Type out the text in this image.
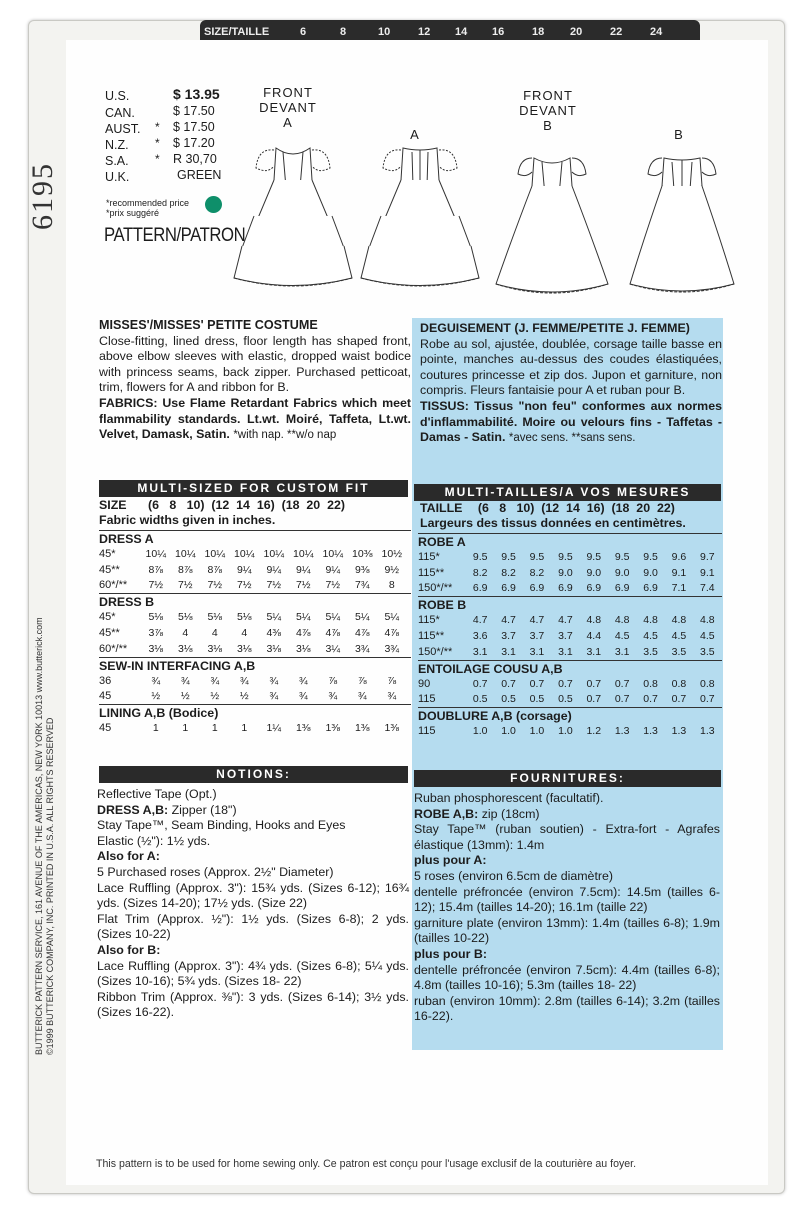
SIZE/TAILLE	6	8	10	12 14 16	18 20	22	24
6195
BUTTERICK PATTERN SERVICE, 161 AVENUE OF THE AMERICAS, NEW YORK 10013 www.butterick.com ©1999 BUTTERICK COMPANY, INC. PRINTED IN U.S.A. ALL RIGHTS RESERVED
U.S.	$ 13.95
CAN.	$ 17.50
AUST. * $ 17.50
N.Z. * $ 17.20
S.A. * R 30,70
U.K.	GREEN
*recommended price
*prix suggéré
PATTERN/PATRON
FRONT
DEVANT
A
A
FRONT
DEVANT
B
B
MISSES'/MISSES' PETITE COSTUME
Close-fitting, lined dress, floor length has shaped front, above elbow sleeves with elastic, dropped waist bodice with princess seams, back zipper. Purchased petticoat, trim, flowers for A and ribbon for B.
FABRICS: Use Flame Retardant Fabrics which meet flammability standards. Lt.wt. Moiré, Taffeta, Lt.wt. Velvet, Damask, Satin. *with nap. **w/o nap
MULTI-SIZED FOR CUSTOM FIT
SIZE (6   8   10)  (12  14  16)  (18  20  22)
Fabric widths given in inches.
DRESS A
45*	10¼	10¼	10¼	10¼	10¼	10¼	10¼	10⅜	10½
45**	8⅞	8⅞	8⅞	9¼	9¼	9¼	9¼	9⅜	9½
60*/**	7½	7½	7½	7½	7½	7½	7½	7¾	8
DRESS B
45*	5⅛	5⅛	5⅛	5⅛	5¼	5¼	5¼	5¼	5¼
45**	3⅞	4	4	4	4⅜	4⅞	4⅞	4⅞	4⅞
60*/**	3⅛	3⅛	3⅛	3⅛	3⅛	3⅛	3¼	3¾	3¾
SEW-IN INTERFACING A,B
36	¾	¾	¾	¾	¾	¾	⅞	⅞	⅞
45	½	½	½	½	¾	¾	¾	¾	¾
LINING A,B (Bodice)
45	1	1	1	1	1¼	1⅜	1⅜	1⅜	1⅜
NOTIONS:
Reflective Tape (Opt.)
DRESS A,B: Zipper (18")
Stay Tape™, Seam Binding, Hooks and Eyes
Elastic (½"): 1½ yds.
Also for A:
5 Purchased roses (Approx. 2½" Diameter)
Lace Ruffling (Approx. 3"): 15¾ yds. (Sizes 6-12); 16¾ yds. (Sizes 14-20); 17½ yds. (Size 22)
Flat Trim (Approx. ½"): 1½ yds. (Sizes 6-8); 2 yds. (Sizes 10-22)
Also for B:
Lace Ruffling (Approx. 3"): 4¾ yds. (Sizes 6-8); 5¼ yds. (Sizes 10-16); 5¾ yds. (Sizes 18- 22)
Ribbon Trim (Approx. ⅜"): 3 yds. (Sizes 6-14); 3½ yds. (Sizes 16-22).
DEGUISEMENT (J. FEMME/PETITE J. FEMME)
Robe au sol, ajustée, doublée, corsage taille basse en pointe, manches au-dessus des coudes élastiquées, coutures princesse et zip dos. Jupon et garniture, non compris. Fleurs fantaisie pour A et ruban pour B.
TISSUS: Tissus "non feu" conformes aux normes d'inflammabilité. Moire ou velours fins - Taffetas - Damas - Satin. *avec sens. **sans sens.
MULTI-TAILLES/A VOS MESURES
TAILLE (6   8   10)  (12  14  16)  (18  20  22)
Largeurs des tissus données en centimètres.
ROBE A
115*	9.5	9.5	9.5	9.5	9.5	9.5	9.5	9.6	9.7
115**	8.2	8.2	8.2	9.0	9.0	9.0	9.0	9.1	9.1
150*/**	6.9	6.9	6.9	6.9	6.9	6.9	6.9	7.1	7.4
ROBE B
115*	4.7	4.7	4.7	4.7	4.8	4.8	4.8	4.8	4.8
115**	3.6	3.7	3.7	3.7	4.4	4.5	4.5	4.5	4.5
150*/**	3.1	3.1	3.1	3.1	3.1	3.1	3.5	3.5	3.5
ENTOILAGE COUSU A,B
90	0.7	0.7	0.7	0.7	0.7	0.7	0.8	0.8	0.8
115	0.5	0.5	0.5	0.5	0.7	0.7	0.7	0.7	0.7
DOUBLURE A,B (corsage)
115	1.0	1.0	1.0	1.0	1.2	1.3	1.3	1.3	1.3
FOURNITURES:
Ruban phosphorescent (facultatif).
ROBE A,B: zip (18cm)
Stay Tape™ (ruban soutien) - Extra-fort - Agrafes élastique (13mm): 1.4m
plus pour A:
5 roses (environ 6.5cm de diamètre)
dentelle préfroncée (environ 7.5cm): 14.5m (tailles 6-12); 15.4m (tailles 14-20); 16.1m (taille 22)
garniture plate (environ 13mm): 1.4m (tailles 6-8); 1.9m (tailles 10-22)
plus pour B:
dentelle préfroncée (environ 7.5cm): 4.4m (tailles 6-8); 4.8m (tailles 10-16); 5.3m (tailles 18- 22)
ruban (environ 10mm): 2.8m (tailles 6-14); 3.2m (tailles 16-22).
This pattern is to be used for home sewing only. Ce patron est conçu pour l'usage exclusif de la couturière au foyer.
